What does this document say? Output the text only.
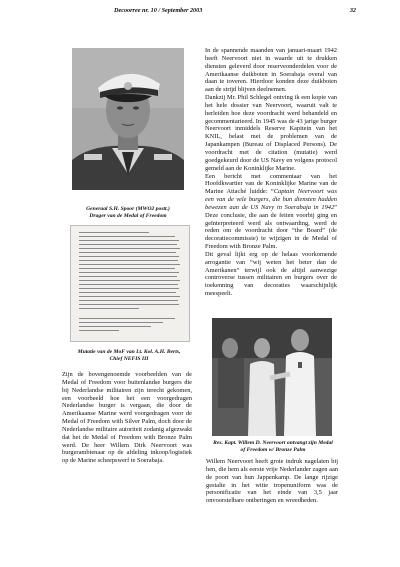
Decoorree nr. 10 / September 2003	32
Generaal S.H. Spoor (MWO2 postt.)
Drager van de Medal of Freedom
Mutatie van de MoF van Lt. Kol. A.H. Berts,
Chief NEFIS III

In de spannende maanden van januari-maart 1942 heeft Neervoort niet in waarde uit te drukken diensten geleverd door reserveonderdelen voor de Amerikaanse duikboten in Soerabaja overal van daan te toveren. Hierdoor konden deze duikboten aan de strijd blijven deelnemen.

Dankzij Mr. Phil Schlegel ontving ik een kopie van het hele dossier van Neervoort, waaruit valt te herleiden hoe deze voordracht werd behandeld en gecommentarieerd. In 1945 was de 43 jarige burger Neervoort inmiddels Reserve Kapitein van het KNIL, belast met de problemen van de Japankampen (Bureau of Displaced Persons). De voordracht met de citation (mutatie) werd goedgekeurd door de US Navy en volgens protocol gemeld aan de Koninklijke Marine.

Een bericht met commentaar van het Hoofdkwartier van de Koninklijke Marine van de Marine Attaché luidde: “Captain Neervoort was een van de vele burgers, die hun diensten hadden bewezen aan de US Navy in Soerabaja in 1942” Deze conclusie, die aan de feiten voorbij ging en geïnterpreteerd werd als ontwaarding, werd de reden om de voordracht door “the Board” (de decoratiecommissie) te wijzigen in de Medal of Freedom with Bronze Palm.

Dit geval lijkt erg op de helaas voorkomende arrogantie van “wij weten het beter dan de Amerikanen” terwijl ook de altijd aanwezige controverse tussen militairen en burgers over de toekenning van decoraties waarschijnlijk meespeelt.

Zijn de bovengenoemde voorbeelden van de Medal of Freedom voor buitenlandse burgers die bij Nederlandse militairen zijn terecht gekomen, een voorbeeld hoe het een voorgedragen Nederlandse burger is vergaan, die door de Amerikaanse Marine werd voorgedragen voor de Medal of Freedom with Silver Palm, doch door de Nederlandse militaire autoriteit zodanig afgezwakt dat het de Medal of Freedom with Bronze Palm werd. De heer Willem Dirk Neervoort was burgerambtenaar op de afdeling inkoop/logistiek op de Marine scheepswerf te Soerabaja.

Res. Kapt. Willem D. Neervoort ontvangt zijn Medal
of Freedom w/ Bronze Palm

Willem Neervoort heeft grote indruk nagelaten bij hen, die hem als eerste vrije Nederlander zagen aan de poort van hun Jappenkamp. De lange rijzige gestalte in het witte tropenuniform was de personificatie van het einde van 3,5 jaar onvoorstelbare ontberingen en wreedheden.
